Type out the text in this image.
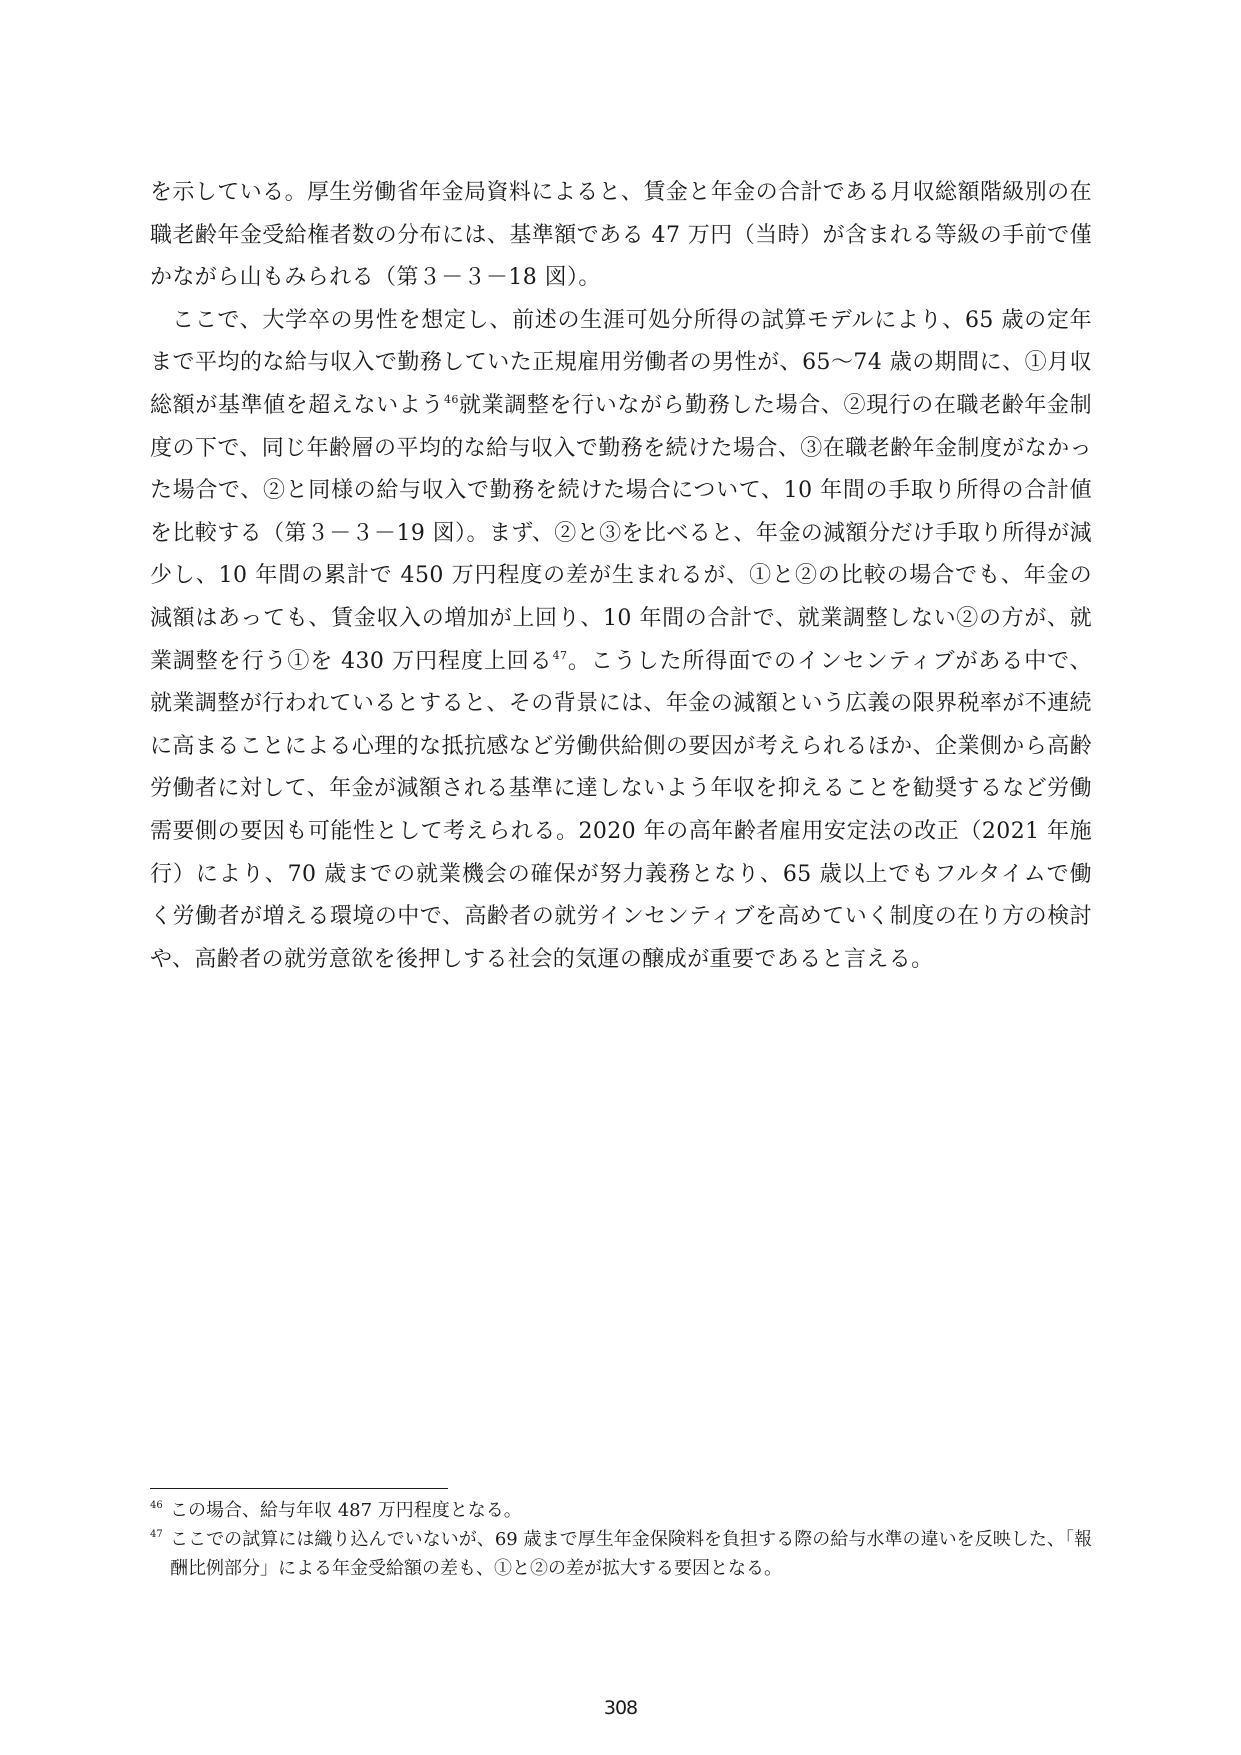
を示している。厚生労働省年金局資料によると、賃金と年金の合計である月収総額階級別の在職老齢年金受給権者数の分布には、基準額である 47 万円（当時）が含まれる等級の手前で僅かながら山もみられる（第３－３－18 図）。

ここで、大学卒の男性を想定し、前述の生涯可処分所得の試算モデルにより、65 歳の定年まで平均的な給与収入で勤務していた正規雇用労働者の男性が、65～74 歳の期間に、①月収総額が基準値を超えないよう$^{46}$就業調整を行いながら勤務した場合、②現行の在職老齢年金制度の下で、同じ年齢層の平均的な給与収入で勤務を続けた場合、③在職老齢年金制度がなかった場合で、②と同様の給与収入で勤務を続けた場合について、10 年間の手取り所得の合計値を比較する（第３－３－19 図）。まず、②と③を比べると、年金の減額分だけ手取り所得が減少し、10 年間の累計で 450 万円程度の差が生まれるが、①と②の比較の場合でも、年金の減額はあっても、賃金収入の増加が上回り、10 年間の合計で、就業調整しない②の方が、就業調整を行う①を 430 万円程度上回る$^{47}$。こうした所得面でのインセンティブがある中で、就業調整が行われているとすると、その背景には、年金の減額という広義の限界税率が不連続に高まることによる心理的な抵抗感など労働供給側の要因が考えられるほか、企業側から高齢労働者に対して、年金が減額される基準に達しないよう年収を抑えることを勧奨するなど労働需要側の要因も可能性として考えられる。2020 年の高年齢者雇用安定法の改正（2021 年施行）により、70 歳までの就業機会の確保が努力義務となり、65 歳以上でもフルタイムで働く労働者が増える環境の中で、高齢者の就労インセンティブを高めていく制度の在り方の検討や、高齢者の就労意欲を後押しする社会的気運の醸成が重要であると言える。

46 この場合、給与年収 487 万円程度となる。
47 ここでの試算には織り込んでいないが、69 歳まで厚生年金保険料を負担する際の給与水準の違いを反映した、「報酬比例部分」による年金受給額の差も、①と②の差が拡大する要因となる。
308
